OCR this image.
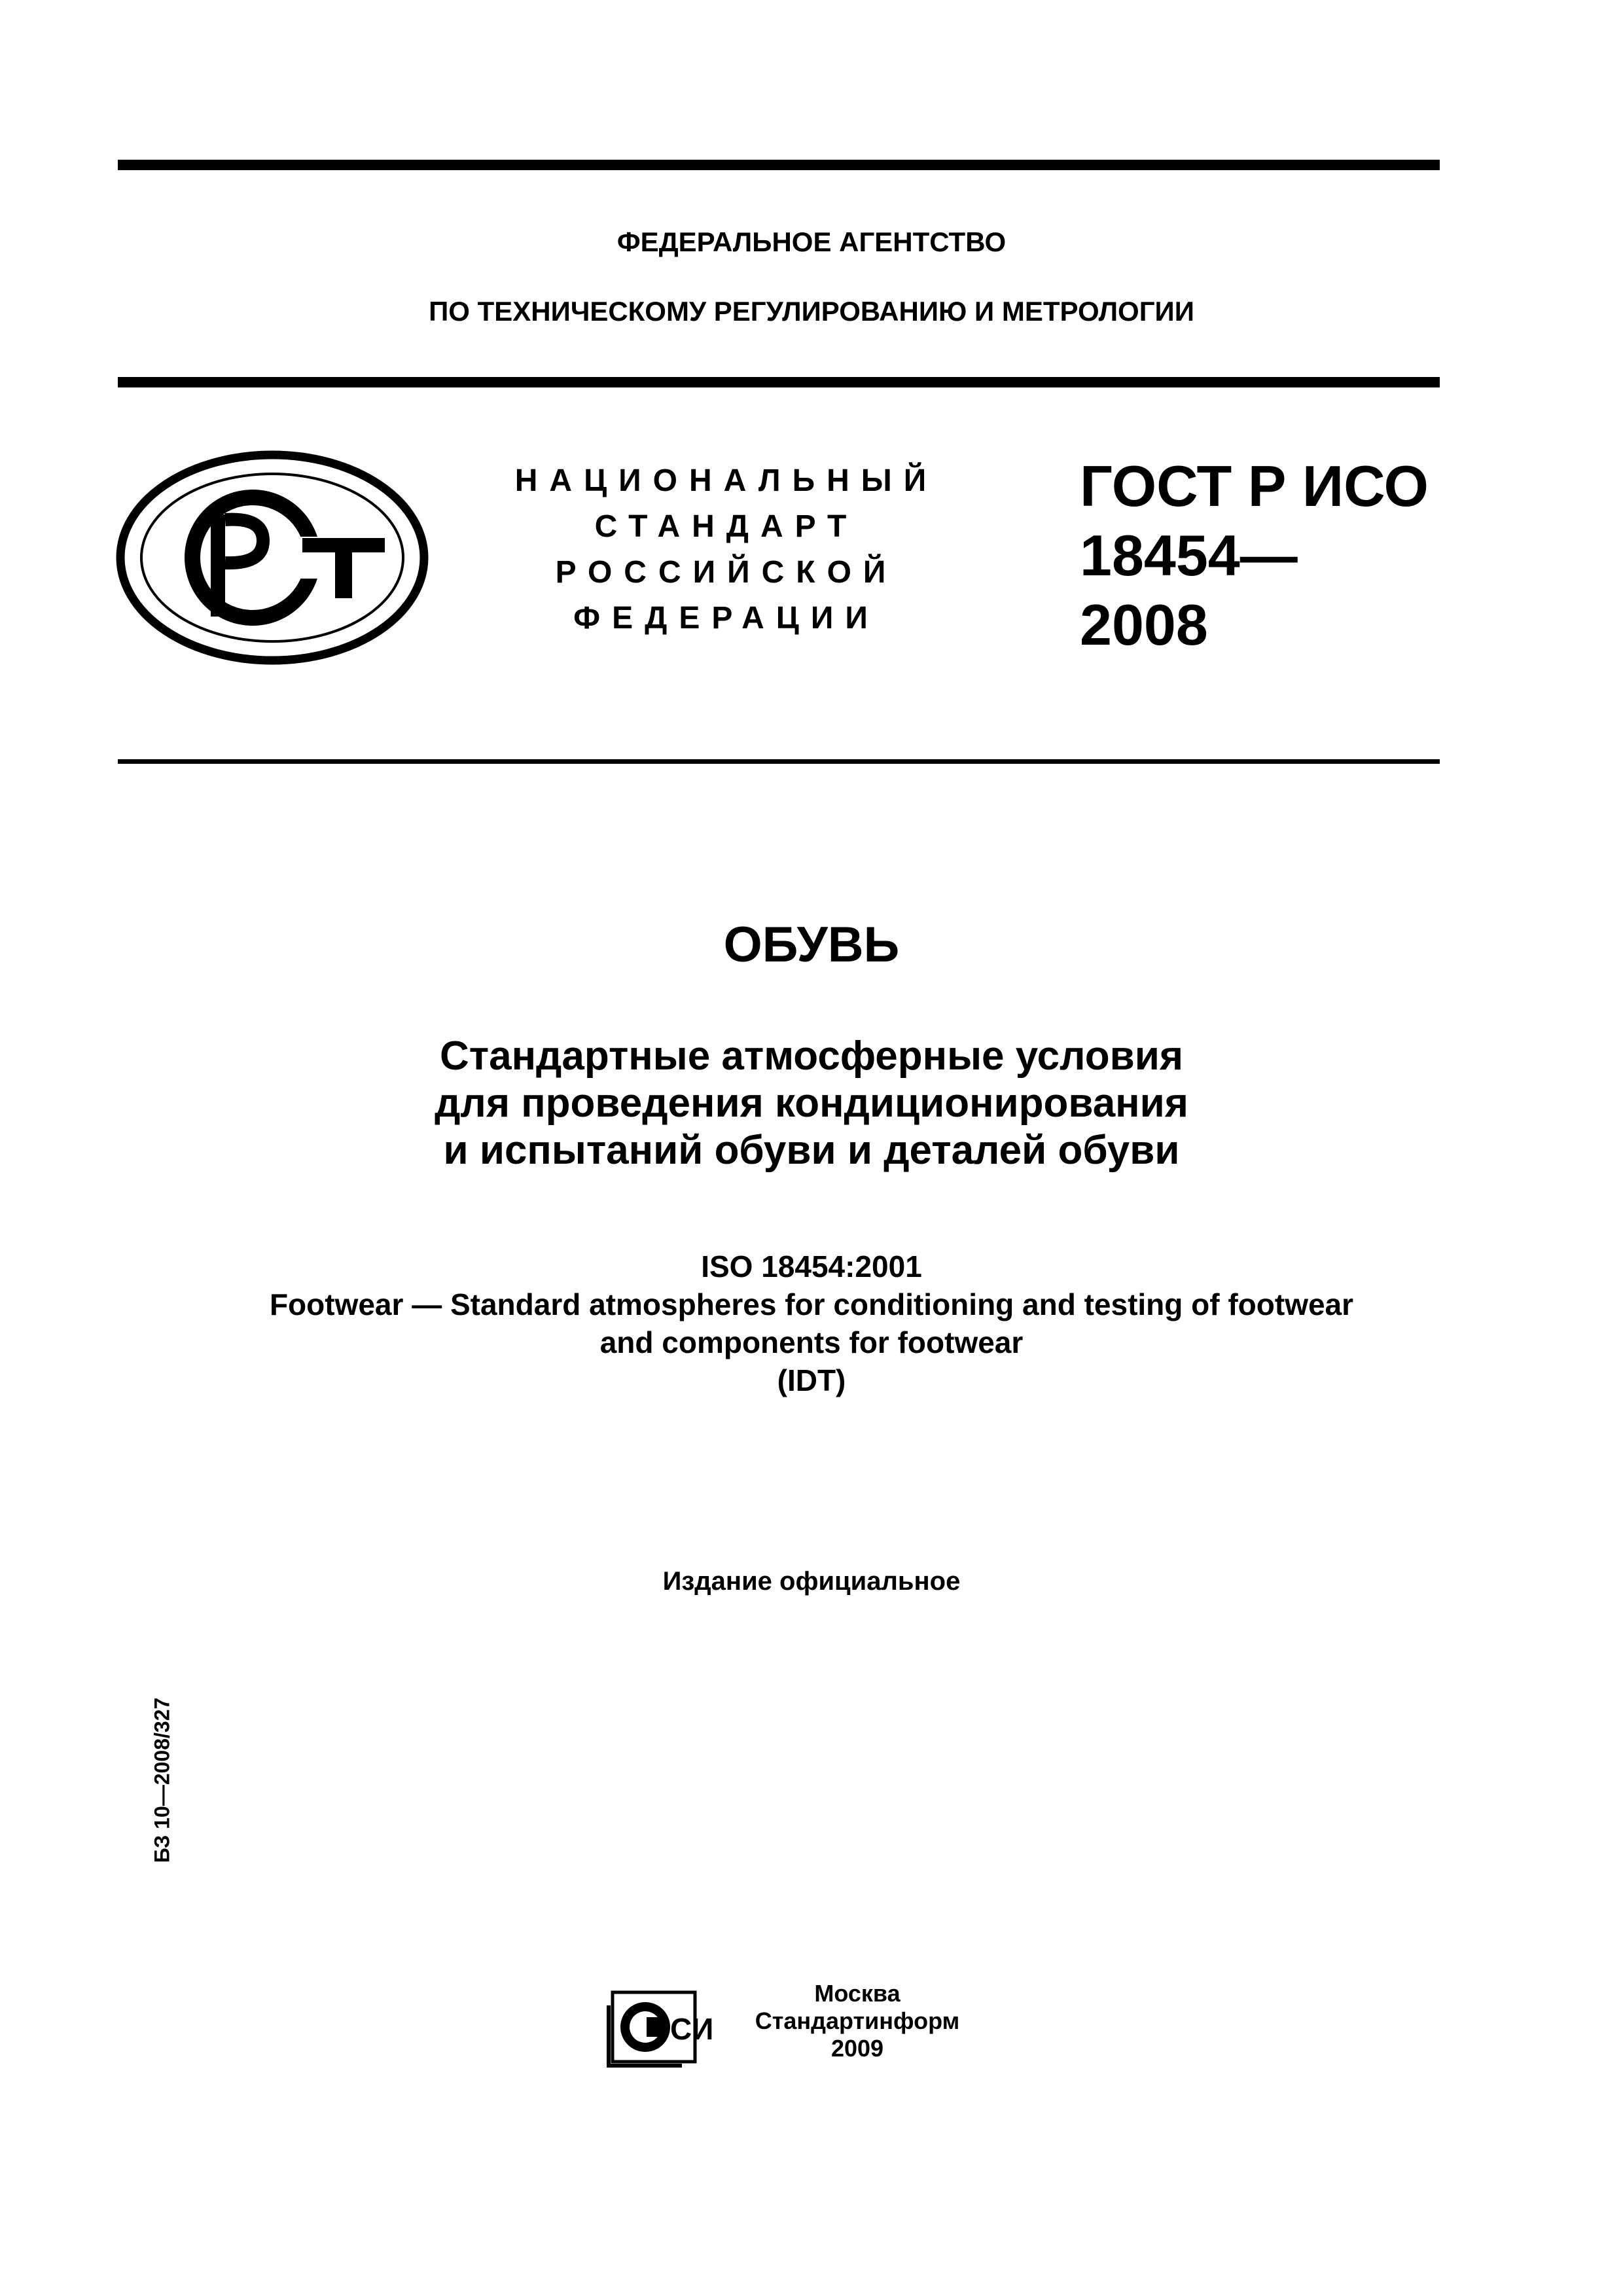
ФЕДЕРАЛЬНОЕ АГЕНТСТВО
ПО ТЕХНИЧЕСКОМУ РЕГУЛИРОВАНИЮ И МЕТРОЛОГИИ
НАЦИОНАЛЬНЫЙ
СТАНДАРТ
РОССИЙСКОЙ
ФЕДЕРАЦИИ
ГОСТ Р ИСО
18454—
2008
ОБУВЬ
Стандартные атмосферные условия
для проведения кондиционирования
и испытаний обуви и деталей обуви
ISO 18454:2001
Footwear — Standard atmospheres for conditioning and testing of footwear
and components for footwear
(IDT)
Издание официальное
БЗ 10—2008/327
СИ
Москва
Стандартинформ
2009
